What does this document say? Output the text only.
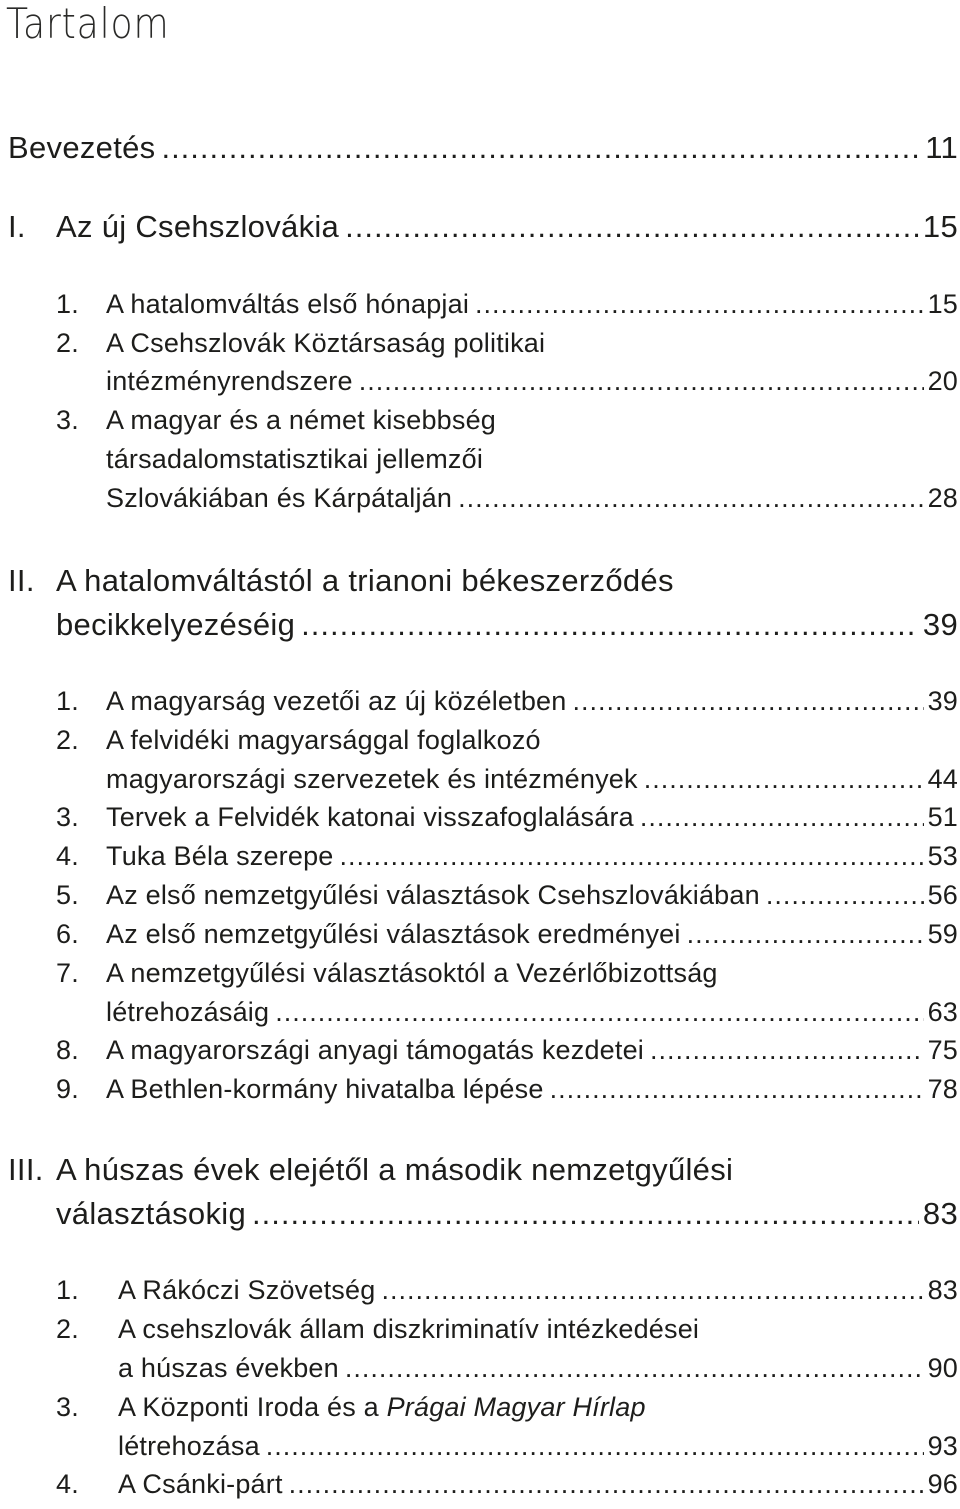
Tartalom
Bevezetés .....	11
I. Az új Csehszlovákia .....	15
1. A hatalomváltás első hónapjai .....	15
2. A Csehszlovák Köztársaság politikai
intézményrendszere .....	20
3. A magyar és a német kisebbség
társadalomstatisztikai jellemzői
Szlovákiában és Kárpátalján .....	28
II. A hatalomváltástól a trianoni békeszerződés
becikkelyezéséig .....	39
1. A magyarság vezetői az új közéletben .....	39
2. A felvidéki magyarsággal foglalkozó
magyarországi szervezetek és intézmények .....	44
3. Tervek a Felvidék katonai visszafoglalására .....	51
4. Tuka Béla szerepe .....	53
5. Az első nemzetgyűlési választások Csehszlovákiában .....	56
6. Az első nemzetgyűlési választások eredményei .....	59
7. A nemzetgyűlési választásoktól a Vezérlőbizottság
létrehozásáig .....	63
8. A magyarországi anyagi támogatás kezdetei .....	75
9. A Bethlen-kormány hivatalba lépése .....	78
III. A húszas évek elejétől a második nemzetgyűlési
választásokig .....	83
1. A Rákóczi Szövetség .....	83
2. A csehszlovák állam diszkriminatív intézkedései
a húszas években .....	90
3. A Központi Iroda és a Prágai Magyar Hírlap
létrehozása .....	93
4. A Csánki-párt .....	96
